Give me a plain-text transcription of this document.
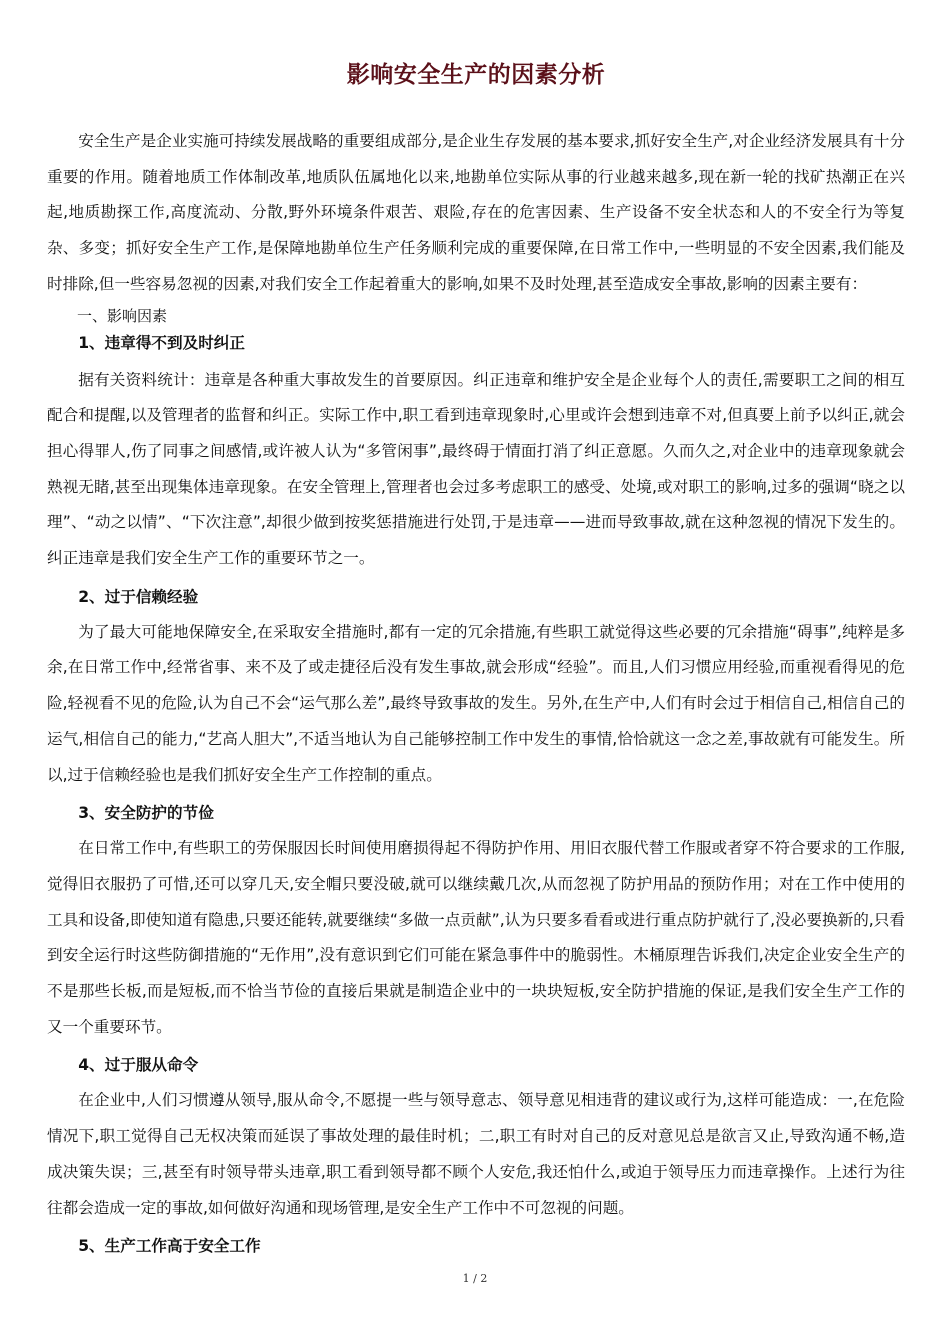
影响安全生产的因素分析

安全生产是企业实施可持续发展战略的重要组成部分,是企业生存发展的基本要求,抓好安全生产,对企业经济发展具有十分重要的作用。随着地质工作体制改革,地质队伍属地化以来,地勘单位实际从事的行业越来越多,现在新一轮的找矿热潮正在兴起,地质勘探工作,高度流动、分散,野外环境条件艰苦、艰险,存在的危害因素、生产设备不安全状态和人的不安全行为等复杂、多变；抓好安全生产工作,是保障地勘单位生产任务顺利完成的重要保障,在日常工作中,一些明显的不安全因素,我们能及时排除,但一些容易忽视的因素,对我们安全工作起着重大的影响,如果不及时处理,甚至造成安全事故,影响的因素主要有：

一、影响因素

1、违章得不到及时纠正

据有关资料统计：违章是各种重大事故发生的首要原因。纠正违章和维护安全是企业每个人的责任,需要职工之间的相互配合和提醒,以及管理者的监督和纠正。实际工作中,职工看到违章现象时,心里或许会想到违章不对,但真要上前予以纠正,就会担心得罪人,伤了同事之间感情,或许被人认为“多管闲事”,最终碍于情面打消了纠正意愿。久而久之,对企业中的违章现象就会熟视无睹,甚至出现集体违章现象。在安全管理上,管理者也会过多考虑职工的感受、处境,或对职工的影响,过多的强调“晓之以理”、“动之以情”、“下次注意”,却很少做到按奖惩措施进行处罚,于是违章——进而导致事故,就在这种忽视的情况下发生的。纠正违章是我们安全生产工作的重要环节之一。

2、过于信赖经验

为了最大可能地保障安全,在采取安全措施时,都有一定的冗余措施,有些职工就觉得这些必要的冗余措施“碍事”,纯粹是多余,在日常工作中,经常省事、来不及了或走捷径后没有发生事故,就会形成“经验”。而且,人们习惯应用经验,而重视看得见的危险,轻视看不见的危险,认为自己不会“运气那么差”,最终导致事故的发生。另外,在生产中,人们有时会过于相信自己,相信自己的运气,相信自己的能力,“艺高人胆大”,不适当地认为自己能够控制工作中发生的事情,恰恰就这一念之差,事故就有可能发生。所以,过于信赖经验也是我们抓好安全生产工作控制的重点。

3、安全防护的节俭

在日常工作中,有些职工的劳保服因长时间使用磨损得起不得防护作用、用旧衣服代替工作服或者穿不符合要求的工作服,觉得旧衣服扔了可惜,还可以穿几天,安全帽只要没破,就可以继续戴几次,从而忽视了防护用品的预防作用；对在工作中使用的工具和设备,即使知道有隐患,只要还能转,就要继续“多做一点贡献”,认为只要多看看或进行重点防护就行了,没必要换新的,只看到安全运行时这些防御措施的“无作用”,没有意识到它们可能在紧急事件中的脆弱性。木桶原理告诉我们,决定企业安全生产的不是那些长板,而是短板,而不恰当节俭的直接后果就是制造企业中的一块块短板,安全防护措施的保证,是我们安全生产工作的又一个重要环节。

4、过于服从命令

在企业中,人们习惯遵从领导,服从命令,不愿提一些与领导意志、领导意见相违背的建议或行为,这样可能造成：一,在危险情况下,职工觉得自己无权决策而延误了事故处理的最佳时机；二,职工有时对自己的反对意见总是欲言又止,导致沟通不畅,造成决策失误；三,甚至有时领导带头违章,职工看到领导都不顾个人安危,我还怕什么,或迫于领导压力而违章操作。上述行为往往都会造成一定的事故,如何做好沟通和现场管理,是安全生产工作中不可忽视的问题。

5、生产工作高于安全工作

1 / 2
